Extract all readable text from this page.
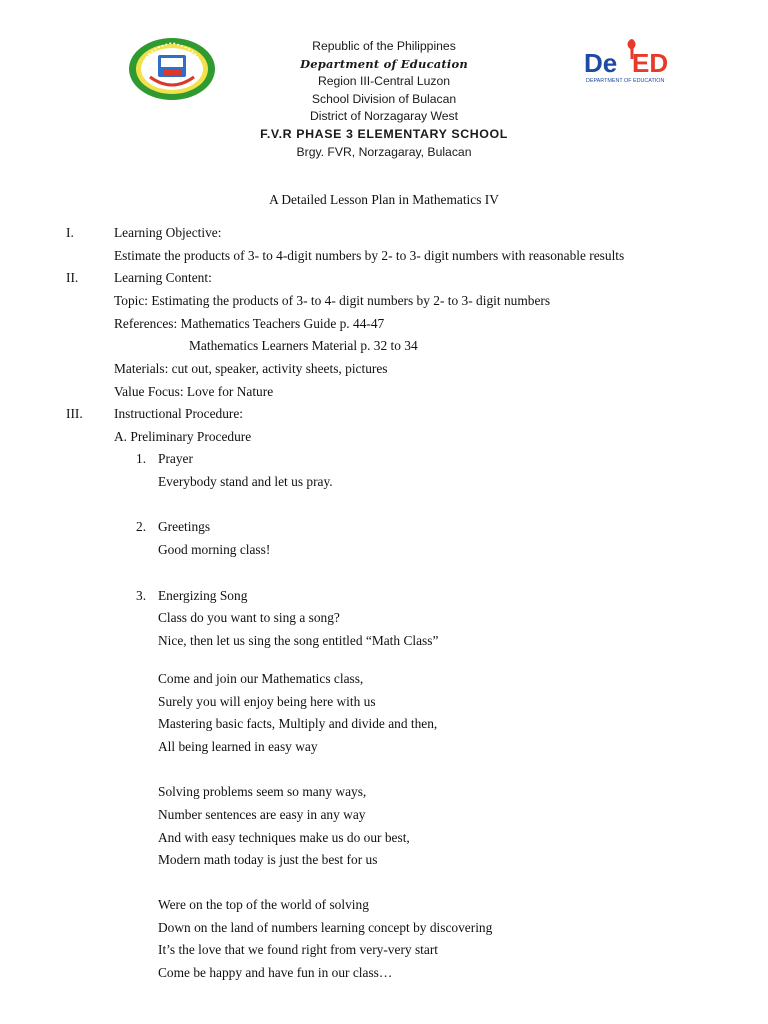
De ED
DEPARTMENT OF EDUCATION
Republic of the Philippines
Department of Education
Region III-Central Luzon
School Division of Bulacan
District of Norzagaray West
F.V.R PHASE 3 ELEMENTARY SCHOOL
Brgy. FVR, Norzagaray, Bulacan
A Detailed Lesson Plan in Mathematics IV
I.	Learning Objective:
Estimate the products of 3- to 4-digit numbers by 2- to 3- digit numbers with reasonable results
II.	Learning Content:
Topic: Estimating the products of 3- to 4- digit numbers by 2- to 3- digit numbers
References: Mathematics Teachers Guide p. 44-47
Mathematics Learners Material p. 32 to 34
Materials: cut out, speaker, activity sheets, pictures
Value Focus: Love for Nature
III. Instructional Procedure:
A. Preliminary Procedure
1. Prayer
Everybody stand and let us pray.
2. Greetings
Good morning class!
3. Energizing Song
Class do you want to sing a song?
Nice, then let us sing the song entitled “Math Class”
Come and join our Mathematics class,
Surely you will enjoy being here with us
Mastering basic facts, Multiply and divide and then,
All being learned in easy way
Solving problems seem so many ways,
Number sentences are easy in any way
And with easy techniques make us do our best,
Modern math today is just the best for us
Were on the top of the world of solving
Down on the land of numbers learning concept by discovering
It’s the love that we found right from very-very start
Come be happy and have fun in our class…
